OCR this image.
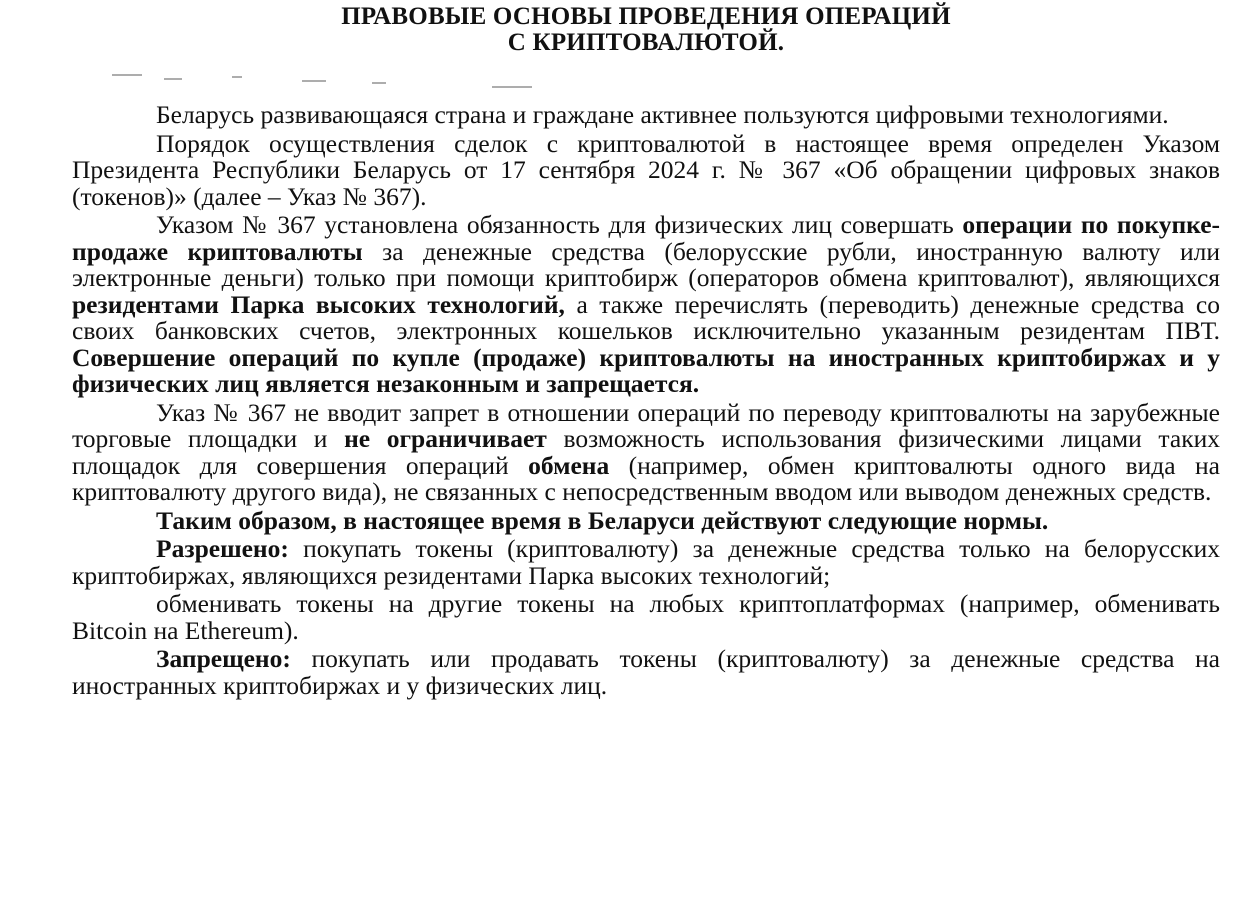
ПРАВОВЫЕ ОСНОВЫ ПРОВЕДЕНИЯ ОПЕРАЦИЙ
С КРИПТОВАЛЮТОЙ.

Беларусь развивающаяся страна и граждане активнее пользуются цифровыми технологиями.

Порядок осуществления сделок с криптовалютой в настоящее время определен Указом Президента Республики Беларусь от 17 сентября 2024 г. № 367 «Об обращении цифровых знаков (токенов)» (далее – Указ № 367).

Указом № 367 установлена обязанность для физических лиц совершать операции по покупке-продаже криптовалюты за денежные средства (белорусские рубли, иностранную валюту или электронные деньги) только при помощи криптобирж (операторов обмена криптовалют), являющихся резидентами Парка высоких технологий, а также перечислять (переводить) денежные средства со своих банковских счетов, электронных кошельков исключительно указанным резидентам ПВТ. Совершение операций по купле (продаже) криптовалюты на иностранных криптобиржах и у физических лиц является незаконным и запрещается.

Указ № 367 не вводит запрет в отношении операций по переводу криптовалюты на зарубежные торговые площадки и не ограничивает возможность использования физическими лицами таких площадок для совершения операций обмена (например, обмен криптовалюты одного вида на криптовалюту другого вида), не связанных с непосредственным вводом или выводом денежных средств.

Таким образом, в настоящее время в Беларуси действуют следующие нормы.

Разрешено: покупать токены (криптовалюту) за денежные средства только на белорусских криптобиржах, являющихся резидентами Парка высоких технологий;

обменивать токены на другие токены на любых криптоплатформах (например, обменивать Bitcoin на Ethereum).

Запрещено: покупать или продавать токены (криптовалюту) за денежные средства на иностранных криптобиржах и у физических лиц.
